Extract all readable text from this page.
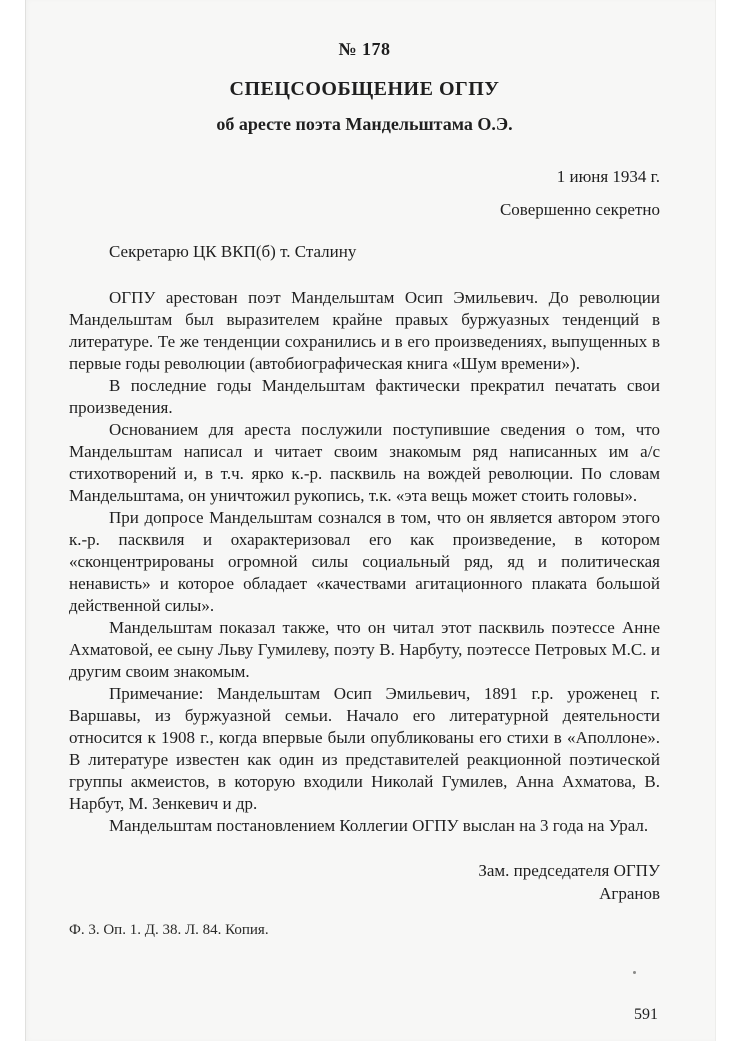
№ 178
СПЕЦСООБЩЕНИЕ ОГПУ
об аресте поэта Мандельштама О.Э.
1 июня 1934 г.
Совершенно секретно
Секретарю ЦК ВКП(б) т. Сталину

ОГПУ арестован поэт Мандельштам Осип Эмильевич. До революции Мандельштам был выразителем крайне правых буржуазных тенденций в литературе. Те же тенденции сохранились и в его произведениях, выпущенных в первые годы революции (автобиографическая книга «Шум времени»).

В последние годы Мандельштам фактически прекратил печатать свои произведения.

Основанием для ареста послужили поступившие сведения о том, что Мандельштам написал и читает своим знакомым ряд написанных им а/с стихотворений и, в т.ч. ярко к.-р. пасквиль на вождей революции. По словам Мандельштама, он уничтожил рукопись, т.к. «эта вещь может стоить головы».

При допросе Мандельштам сознался в том, что он является автором этого к.-р. пасквиля и охарактеризовал его как произведение, в котором «сконцентрированы огромной силы социальный ряд, яд и политическая ненависть» и которое обладает «качествами агитационного плаката большой действенной силы».

Мандельштам показал также, что он читал этот пасквиль поэтессе Анне Ахматовой, ее сыну Льву Гумилеву, поэту В. Нарбуту, поэтессе Петровых М.С. и другим своим знакомым.

Примечание: Мандельштам Осип Эмильевич, 1891 г.р. уроженец г. Варшавы, из буржуазной семьи. Начало его литературной деятельности относится к 1908 г., когда впервые были опубликованы его стихи в «Аполлоне». В литературе известен как один из представителей реакционной поэтической группы акмеистов, в которую входили Николай Гумилев, Анна Ахматова, В. Нарбут, М. Зенкевич и др.

Мандельштам постановлением Коллегии ОГПУ выслан на 3 года на Урал.

Зам. председателя ОГПУ
Агранов
Ф. 3. Оп. 1. Д. 38. Л. 84. Копия.
591
